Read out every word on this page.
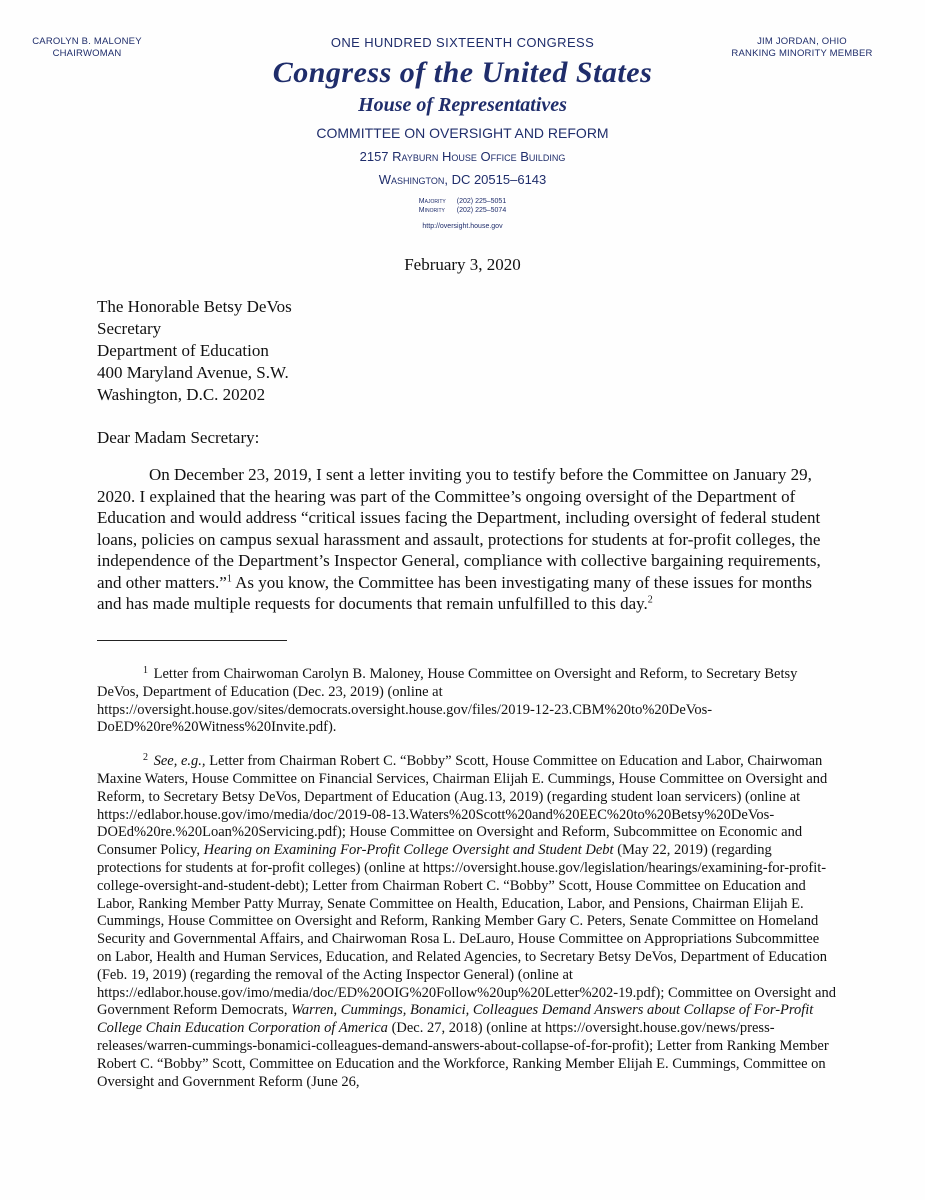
CAROLYN B. MALONEY
CHAIRWOMAN
JIM JORDAN, OHIO
RANKING MINORITY MEMBER
ONE HUNDRED SIXTEENTH CONGRESS
Congress of the United States
House of Representatives
COMMITTEE ON OVERSIGHT AND REFORM
2157 Rayburn House Office Building
Washington, DC 20515–6143
Majority (202) 225–5051
Minority (202) 225–5074
http://oversight.house.gov
February 3, 2020
The Honorable Betsy DeVos
Secretary
Department of Education
400 Maryland Avenue, S.W.
Washington, D.C. 20202
Dear Madam Secretary:
On December 23, 2019, I sent a letter inviting you to testify before the Committee on January 29, 2020. I explained that the hearing was part of the Committee’s ongoing oversight of the Department of Education and would address “critical issues facing the Department, including oversight of federal student loans, policies on campus sexual harassment and assault, protections for students at for-profit colleges, the independence of the Department’s Inspector General, compliance with collective bargaining requirements, and other matters.”$^1$ As you know, the Committee has been investigating many of these issues for months and has made multiple requests for documents that remain unfulfilled to this day.$^2$

$^1$ Letter from Chairwoman Carolyn B. Maloney, House Committee on Oversight and Reform, to Secretary Betsy DeVos, Department of Education (Dec. 23, 2019) (online at https://oversight.house.gov/sites/democrats.oversight.house.gov/files/2019-12-23.CBM%20to%20DeVos-DoED%20re%20Witness%20Invite.pdf).

$^2$ See, e.g., Letter from Chairman Robert C. “Bobby” Scott, House Committee on Education and Labor, Chairwoman Maxine Waters, House Committee on Financial Services, Chairman Elijah E. Cummings, House Committee on Oversight and Reform, to Secretary Betsy DeVos, Department of Education (Aug.13, 2019) (regarding student loan servicers) (online at https://edlabor.house.gov/imo/media/doc/2019-08-13.Waters%20Scott%20and%20EEC%20to%20Betsy%20DeVos-DOEd%20re.%20Loan%20Servicing.pdf); House Committee on Oversight and Reform, Subcommittee on Economic and Consumer Policy, Hearing on Examining For-Profit College Oversight and Student Debt (May 22, 2019) (regarding protections for students at for-profit colleges) (online at https://oversight.house.gov/legislation/hearings/examining-for-profit-college-oversight-and-student-debt); Letter from Chairman Robert C. “Bobby” Scott, House Committee on Education and Labor, Ranking Member Patty Murray, Senate Committee on Health, Education, Labor, and Pensions, Chairman Elijah E. Cummings, House Committee on Oversight and Reform, Ranking Member Gary C. Peters, Senate Committee on Homeland Security and Governmental Affairs, and Chairwoman Rosa L. DeLauro, House Committee on Appropriations Subcommittee on Labor, Health and Human Services, Education, and Related Agencies, to Secretary Betsy DeVos, Department of Education (Feb. 19, 2019) (regarding the removal of the Acting Inspector General) (online at https://edlabor.house.gov/imo/media/doc/ED%20OIG%20Follow%20up%20Letter%202-19.pdf); Committee on Oversight and Government Reform Democrats, Warren, Cummings, Bonamici, Colleagues Demand Answers about Collapse of For-Profit College Chain Education Corporation of America (Dec. 27, 2018) (online at https://oversight.house.gov/news/press-releases/warren-cummings-bonamici-colleagues-demand-answers-about-collapse-of-for-profit); Letter from Ranking Member Robert C. “Bobby” Scott, Committee on Education and the Workforce, Ranking Member Elijah E. Cummings, Committee on Oversight and Government Reform (June 26,
